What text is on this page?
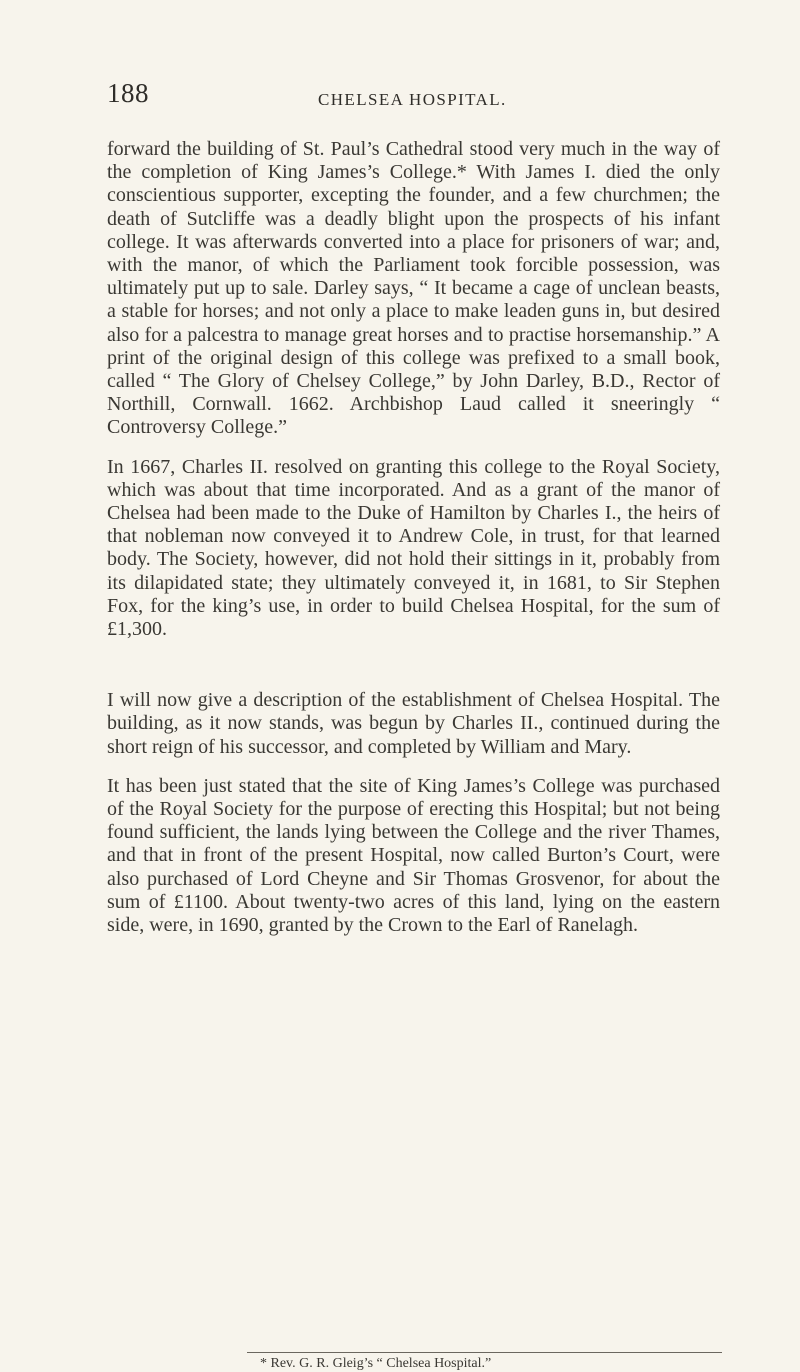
188	CHELSEA HOSPITAL.

forward the building of St. Paul’s Cathedral stood very much in the way of the completion of King James’s College.* With James I. died the only conscientious supporter, excepting the founder, and a few churchmen; the death of Sutcliffe was a deadly blight upon the prospects of his infant college. It was afterwards converted into a place for prisoners of war; and, with the manor, of which the Parliament took forcible possession, was ultimately put up to sale. Darley says, “ It became a cage of unclean beasts, a stable for horses; and not only a place to make leaden guns in, but desired also for a palcestra to manage great horses and to practise horsemanship.” A print of the original design of this college was prefixed to a small book, called “ The Glory of Chelsey College,” by John Darley, B.D., Rector of Northill, Cornwall. 1662. Archbishop Laud called it sneeringly “ Controversy College.”

In 1667, Charles II. resolved on granting this college to the Royal Society, which was about that time incorporated. And as a grant of the manor of Chelsea had been made to the Duke of Hamilton by Charles I., the heirs of that nobleman now conveyed it to Andrew Cole, in trust, for that learned body. The Society, however, did not hold their sittings in it, probably from its dilapidated state; they ultimately conveyed it, in 1681, to Sir Stephen Fox, for the king’s use, in order to build Chelsea Hospital, for the sum of £1,300.

I will now give a description of the establishment of Chelsea Hospital. The building, as it now stands, was begun by Charles II., continued during the short reign of his successor, and completed by William and Mary.

It has been just stated that the site of King James’s College was purchased of the Royal Society for the purpose of erecting this Hospital; but not being found sufficient, the lands lying between the College and the river Thames, and that in front of the present Hospital, now called Burton’s Court, were also purchased of Lord Cheyne and Sir Thomas Grosvenor, for about the sum of £1100. About twenty-two acres of this land, lying on the eastern side, were, in 1690, granted by the Crown to the Earl of Ranelagh.

* Rev. G. R. Gleig’s “ Chelsea Hospital.”
